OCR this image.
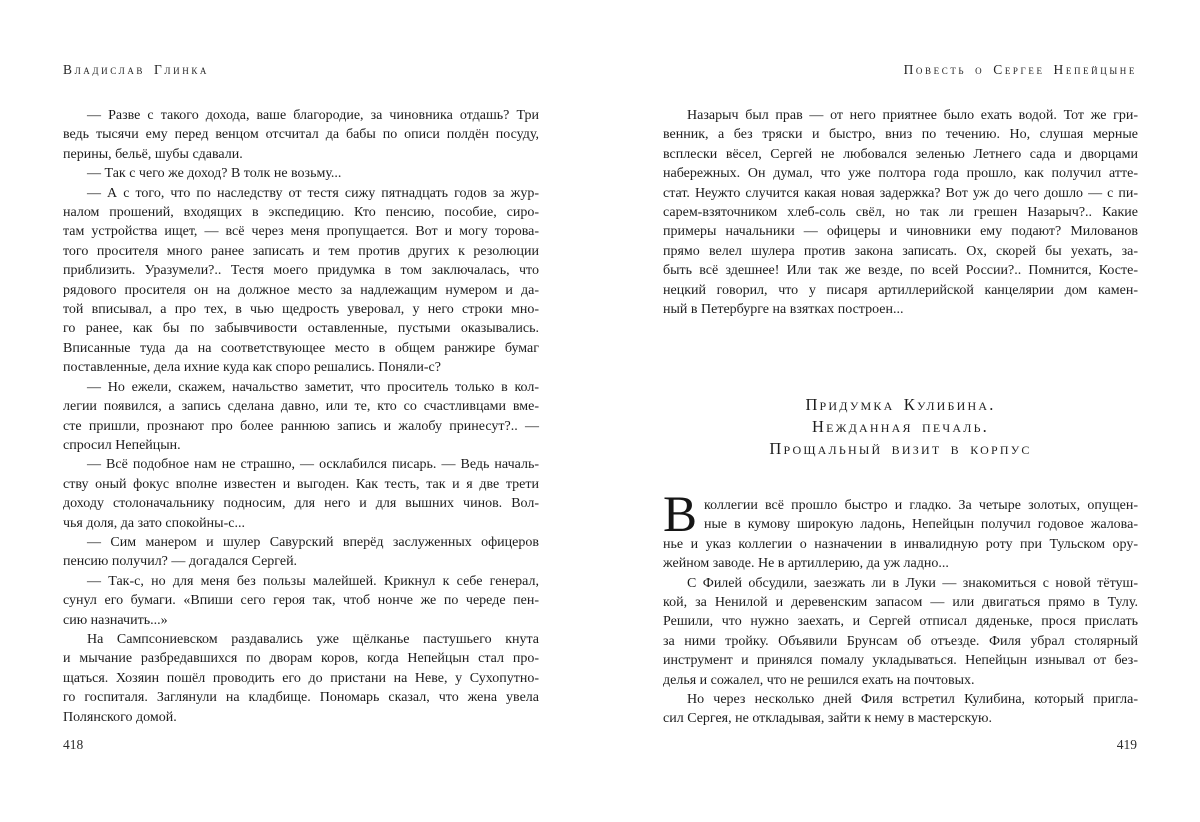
Владислав Глинка
— Разве с такого дохода, ваше благородие, за чиновника отдашь? Три
ведь тысячи ему перед венцом отсчитал да бабы по описи полдён посуду,
перины, бельё, шубы сдавали.
— Так с чего же доход? В толк не возьму...
— А с того, что по наследству от тестя сижу пятнадцать годов за жур-
налом прошений, входящих в экспедицию. Кто пенсию, пособие, сиро-
там устройства ищет, — всё через меня пропущается. Вот и могу торова-
того просителя много ранее записать и тем против других к резолюции
приблизить. Уразумели?.. Тестя моего придумка в том заключалась, что
рядового просителя он на должное место за надлежащим нумером и да-
той вписывал, а про тех, в чью щедрость уверовал, у него строки мно-
го ранее, как бы по забывчивости оставленные, пустыми оказывались.
Вписанные туда да на соответствующее место в общем ранжире бумаг
поставленные, дела ихние куда как споро решались. Поняли-с?
— Но ежели, скажем, начальство заметит, что проситель только в кол-
легии появился, а запись сделана давно, или те, кто со счастливцами вме-
сте пришли, прознают про более раннюю запись и жалобу принесут?.. —
спросил Непейцын.
— Всё подобное нам не страшно, — осклабился писарь. — Ведь началь-
ству оный фокус вполне известен и выгоден. Как тесть, так и я две трети
доходу столоначальнику подносим, для него и для вышних чинов. Вол-
чья доля, да зато спокойны-с...
— Сим манером и шулер Савурский вперёд заслуженных офицеров
пенсию получил? — догадался Сергей.
— Так-с, но для меня без пользы малейшей. Крикнул к себе генерал,
сунул его бумаги. «Впиши сего героя так, чтоб нонче же по череде пен-
сию назначить...»
На Сампсониевском раздавались уже щёлканье пастушьего кнута
и мычание разбредавшихся по дворам коров, когда Непейцын стал про-
щаться. Хозяин пошёл проводить его до пристани на Неве, у Сухопутно-
го госпиталя. Заглянули на кладбище. Пономарь сказал, что жена увела
Полянского домой.
418
Повесть о Сергее Непейцыне
Назарыч был прав — от него приятнее было ехать водой. Тот же гри-
венник, а без тряски и быстро, вниз по течению. Но, слушая мерные
всплески вёсел, Сергей не любовался зеленью Летнего сада и дворцами
набережных. Он думал, что уже полтора года прошло, как получил атте-
стат. Неужто случится какая новая задержка? Вот уж до чего дошло — с пи-
сарем-взяточником хлеб-соль свёл, но так ли грешен Назарыч?.. Какие
примеры начальники — офицеры и чиновники ему подают? Милованов
прямо велел шулера против закона записать. Ох, скорей бы уехать, за-
быть всё здешнее! Или так же везде, по всей России?.. Помнится, Косте-
нецкий говорил, что у писаря артиллерийской канцелярии дом камен-
ный в Петербурге на взятках построен...
Придумка Кулибина.
Нежданная печаль.
Прощальный визит в корпус
В коллегии всё прошло быстро и гладко. За четыре золотых, опущен-
ные в кумову широкую ладонь, Непейцын получил годовое жалова-
нье и указ коллегии о назначении в инвалидную роту при Тульском ору-
жейном заводе. Не в артиллерию, да уж ладно...
С Филей обсудили, заезжать ли в Луки — знакомиться с новой тётуш-
кой, за Ненилой и деревенским запасом — или двигаться прямо в Тулу.
Решили, что нужно заехать, и Сергей отписал дяденьке, прося прислать
за ними тройку. Объявили Брунсам об отъезде. Филя убрал столярный
инструмент и принялся помалу укладываться. Непейцын изнывал от без-
делья и сожалел, что не решился ехать на почтовых.
Но через несколько дней Филя встретил Кулибина, который пригла-
сил Сергея, не откладывая, зайти к нему в мастерскую.
419
